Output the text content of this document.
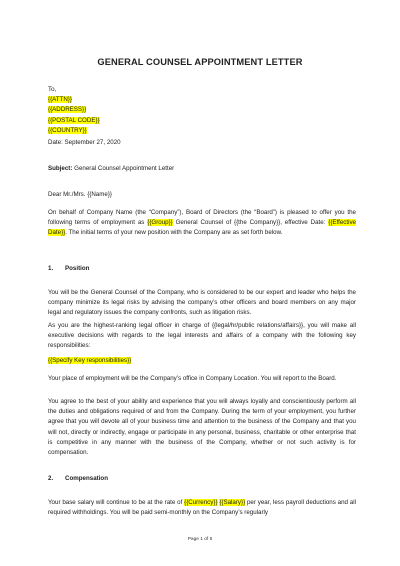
GENERAL COUNSEL APPOINTMENT LETTER
To,
{{ATTN}}
{{ADDRESS}}
{{POSTAL CODE}}
{{COUNTRY}}

Date: September 27, 2020

Subject: General Counsel Appointment Letter

Dear Mr./Mrs. {{Name}}

On behalf of Company Name (the “Company”), Board of Directors (the “Board”) is pleased to offer you the following terms of employment as {{Group}} General Counsel of {{the Company}}, effective Date: {{Effective Date}}. The initial terms of your new position with the Company are as set forth below.

1. Position

You will be the General Counsel of the Company, who is considered to be our expert and leader who helps the company minimize its legal risks by advising the company’s other officers and board members on any major legal and regulatory issues the company confronts, such as litigation risks.

As you are the highest-ranking legal officer in charge of {{legal/hr/public relations/affairs}}, you will make all executive decisions with regards to the legal interests and affairs of a company with the following key responsibilities:

{{Specify Key responsibilities}}

Your place of employment will be the Company’s office in Company Location. You will report to the Board.

You agree to the best of your ability and experience that you will always loyally and conscientiously perform all the duties and obligations required of and from the Company. During the term of your employment, you further agree that you will devote all of your business time and attention to the business of the Company and that you will not, directly or indirectly, engage or participate in any personal, business, charitable or other enterprise that is competitive in any manner with the business of the Company, whether or not such activity is for compensation.

2. Compensation

Your base salary will continue to be at the rate of {{Currency}} {{Salary}} per year, less payroll deductions and all required withholdings. You will be paid semi-monthly on the Company’s regularly

Page 1 of 5
